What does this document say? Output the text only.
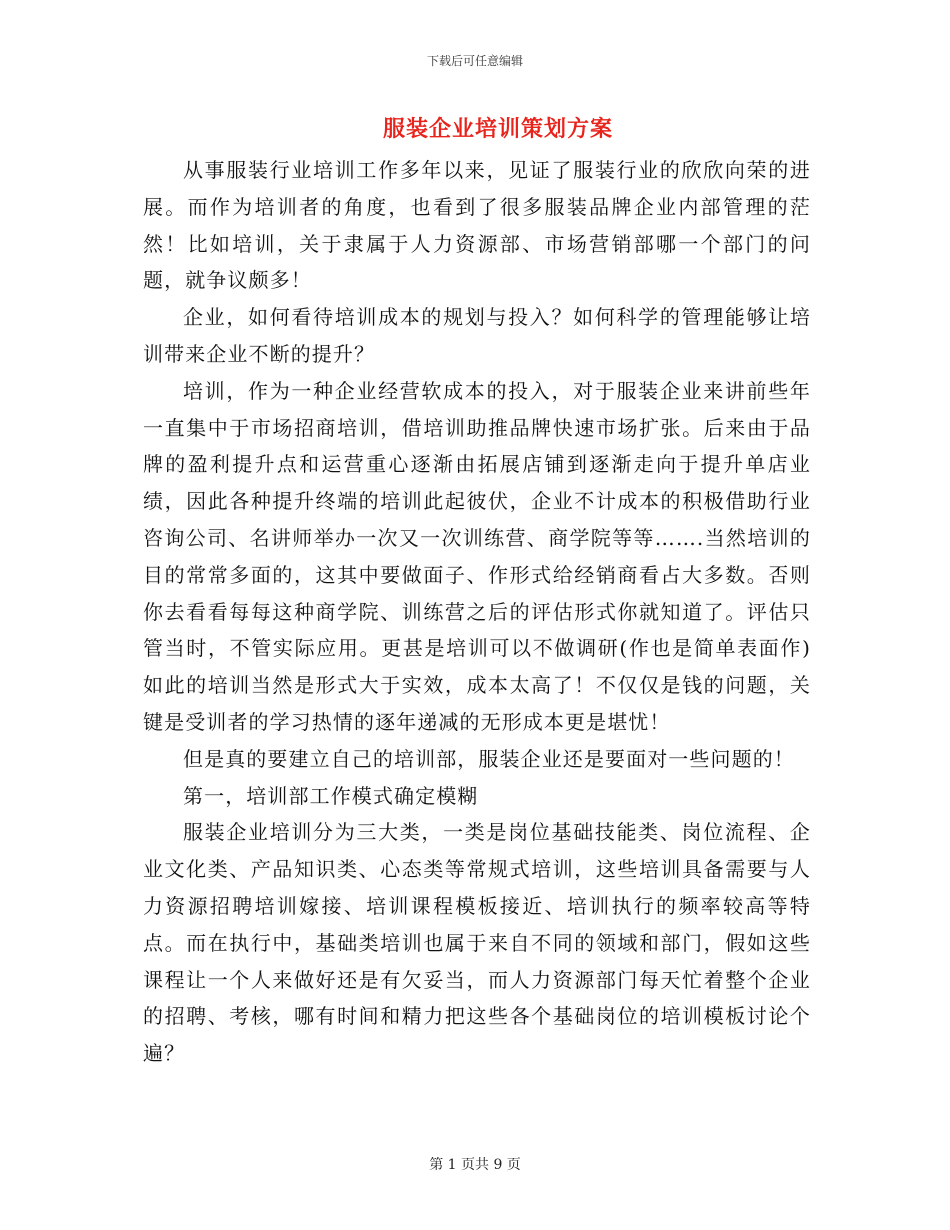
下载后可任意编辑
服装企业培训策划方案

从事服装行业培训工作多年以来，见证了服装行业的欣欣向荣的进展。而作为培训者的角度，也看到了很多服装品牌企业内部管理的茫然！比如培训，关于隶属于人力资源部、市场营销部哪一个部门的问题，就争议颇多！

企业，如何看待培训成本的规划与投入？如何科学的管理能够让培训带来企业不断的提升？

培训，作为一种企业经营软成本的投入，对于服装企业来讲前些年一直集中于市场招商培训，借培训助推品牌快速市场扩张。后来由于品牌的盈利提升点和运营重心逐渐由拓展店铺到逐渐走向于提升单店业绩，因此各种提升终端的培训此起彼伏，企业不计成本的积极借助行业咨询公司、名讲师举办一次又一次训练营、商学院等等…….当然培训的目的常常多面的，这其中要做面子、作形式给经销商看占大多数。否则你去看看每每这种商学院、训练营之后的评估形式你就知道了。评估只管当时，不管实际应用。更甚是培训可以不做调研(作也是简单表面作)如此的培训当然是形式大于实效，成本太高了！不仅仅是钱的问题，关键是受训者的学习热情的逐年递减的无形成本更是堪忧！

但是真的要建立自己的培训部，服装企业还是要面对一些问题的！

第一，培训部工作模式确定模糊

服装企业培训分为三大类，一类是岗位基础技能类、岗位流程、企业文化类、产品知识类、心态类等常规式培训，这些培训具备需要与人力资源招聘培训嫁接、培训课程模板接近、培训执行的频率较高等特点。而在执行中，基础类培训也属于来自不同的领域和部门，假如这些课程让一个人来做好还是有欠妥当，而人力资源部门每天忙着整个企业的招聘、考核，哪有时间和精力把这些各个基础岗位的培训模板讨论个遍？

第 1 页共 9 页
